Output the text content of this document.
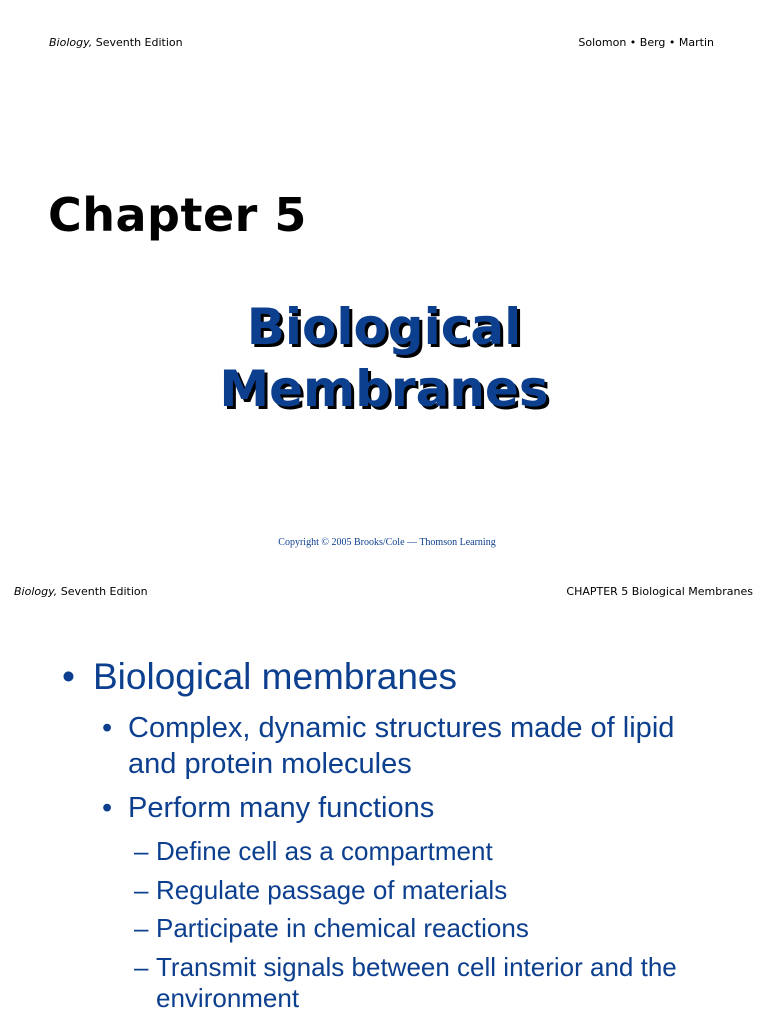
Biology, Seventh Edition	Solomon • Berg • Martin
Chapter 5
Biological
Membranes
Copyright © 2005 Brooks/Cole — Thomson Learning
Biology, Seventh Edition	CHAPTER 5 Biological Membranes
• Biological membranes
• Complex, dynamic structures made of lipid and protein molecules
• Perform many functions
– Define cell as a compartment
– Regulate passage of materials
– Participate in chemical reactions
– Transmit signals between cell interior and the environment
